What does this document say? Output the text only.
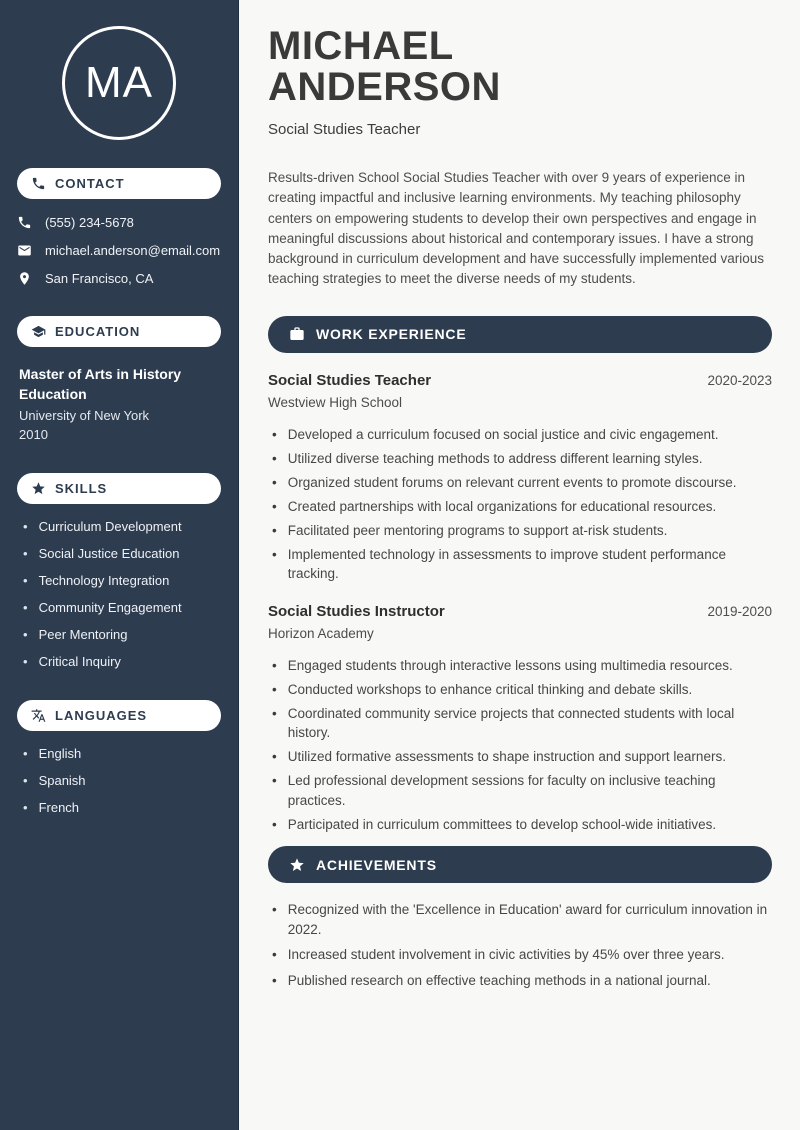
MA
CONTACT
(555) 234-5678
michael.anderson@email.com
San Francisco, CA
EDUCATION
Master of Arts in History Education
University of New York
2010
SKILLS
• Curriculum Development
• Social Justice Education
• Technology Integration
• Community Engagement
• Peer Mentoring
• Critical Inquiry
LANGUAGES
• English
• Spanish
• French
MICHAEL
ANDERSON
Social Studies Teacher

Results-driven School Social Studies Teacher with over 9 years of experience in creating impactful and inclusive learning environments. My teaching philosophy centers on empowering students to develop their own perspectives and engage in meaningful discussions about historical and contemporary issues. I have a strong background in curriculum development and have successfully implemented various teaching strategies to meet the diverse needs of my students.

WORK EXPERIENCE
Social Studies Teacher	2020-2023
Westview High School
• Developed a curriculum focused on social justice and civic engagement.
• Utilized diverse teaching methods to address different learning styles.
• Organized student forums on relevant current events to promote discourse.
• Created partnerships with local organizations for educational resources.
• Facilitated peer mentoring programs to support at-risk students.
• Implemented technology in assessments to improve student performance tracking.
Social Studies Instructor	2019-2020
Horizon Academy
• Engaged students through interactive lessons using multimedia resources.
• Conducted workshops to enhance critical thinking and debate skills.
• Coordinated community service projects that connected students with local history.
• Utilized formative assessments to shape instruction and support learners.
• Led professional development sessions for faculty on inclusive teaching practices.
• Participated in curriculum committees to develop school-wide initiatives.
ACHIEVEMENTS
• Recognized with the 'Excellence in Education' award for curriculum innovation in 2022.
• Increased student involvement in civic activities by 45% over three years.
• Published research on effective teaching methods in a national journal.
